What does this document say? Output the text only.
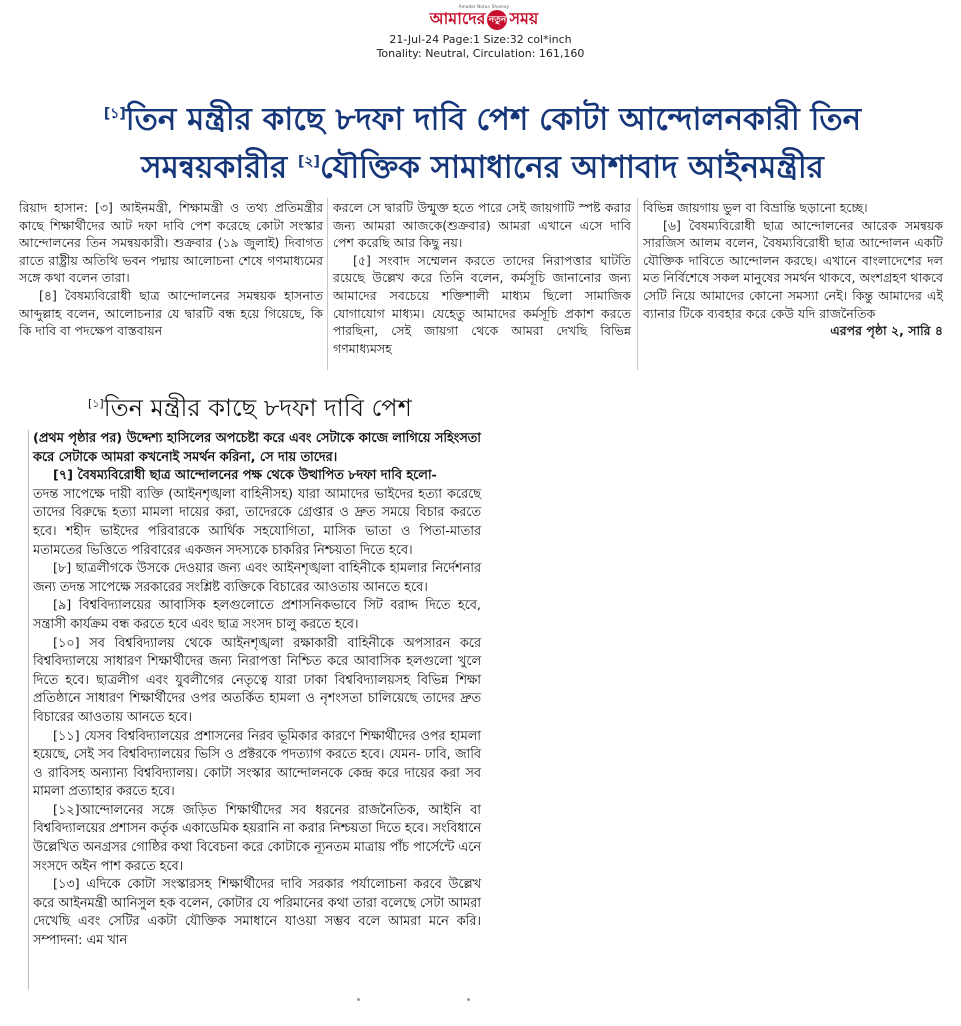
Amader Notun Shomoy
আমাদের নতুন সময়
21-Jul-24 Page:1 Size:32 col*inch
Tonality: Neutral, Circulation: 161,160
[১]তিন মন্ত্রীর কাছে ৮দফা দাবি পেশ কোটা আন্দোলনকারী তিন
সমন্বয়কারীর [২]যৌক্তিক সামাধানের আশাবাদ আইনমন্ত্রীর

রিয়াদ হাসান: [৩] আইনমন্ত্রী, শিক্ষামন্ত্রী ও তথ্য প্রতিমন্ত্রীর কাছে শিক্ষার্থীদের আট দফা দাবি পেশ করেছে কোটা সংস্কার আন্দোলনের তিন সমন্বয়কারী। শুক্রবার (১৯ জুলাই) দিবাগত রাতে রাষ্ট্রীয় অতিথি ভবন পদ্মায় আলোচনা শেষে গণমাধ্যমের সঙ্গে কথা বলেন তারা।

[৪] বৈষম্যবিরোধী ছাত্র আন্দোলনের সমন্বয়ক হাসনাত আব্দুল্লাহ বলেন, আলোচনার যে দ্বারটি বন্ধ হয়ে গিয়েছে, কি কি দাবি বা পদক্ষেপ বাস্তবায়ন

করলে সে দ্বারটি উন্মুক্ত হতে পারে সেই জায়গাটি স্পষ্ট করার জন্য আমরা আজকে(শুক্রবার) আমরা এখানে এসে দাবি পেশ করেছি আর কিছু নয়।

[৫] সংবাদ সম্মেলন করতে তাদের নিরাপত্তার ঘাটতি রয়েছে উল্লেখ করে তিনি বলেন, কর্মসূচি জানানোর জন্য আমাদের সবচেয়ে শক্তিশালী মাধ্যম ছিলো সামাজিক যোগাযোগ মাধ্যম। যেহেতু আমাদের কর্মসূচি প্রকাশ করতে পারছিনা, সেই জায়গা থেকে আমরা দেখছি বিভিন্ন গণমাধ্যমসহ

বিভিন্ন জায়গায় ভুল বা বিভ্রান্তি ছড়ানো হচ্ছে।

[৬] বৈষম্যবিরোধী ছাত্র আন্দোলনের আরেক সমন্বয়ক সারজিস আলম বলেন, বৈষম্যবিরোধী ছাত্র আন্দোলন একটি যৌক্তিক দাবিতে আন্দোলন করছে। এখানে বাংলাদেশের দল মত নির্বিশেষে সকল মানুষের সমর্থন থাকবে, অংশগ্রহণ থাকবে সেটি নিয়ে আমাদের কোনো সমস্যা নেই। কিন্তু আমাদের এই ব্যানার টিকে ব্যবহার করে কেউ যদি রাজনৈতিক

এরপর পৃষ্ঠা ২, সারি ৪

[১]তিন মন্ত্রীর কাছে ৮দফা দাবি পেশ

(প্রথম পৃষ্ঠার পর) উদ্দেশ্য হাসিলের অপচেষ্টা করে এবং সেটাকে কাজে লাগিয়ে সহিংসতা করে সেটাকে আমরা কখনোই সমর্থন করিনা, সে দায় তাদের।

[৭] বৈষম্যবিরোধী ছাত্র আন্দোলনের পক্ষ থেকে উত্থাপিত ৮দফা দাবি হলো-

তদন্ত সাপেক্ষে দায়ী ব্যক্তি (আইনশৃঙ্খলা বাহিনীসহ) যারা আমাদের ভাইদের হত্যা করেছে তাদের বিরুদ্ধে হত্যা মামলা দায়ের করা, তাদেরকে গ্রেপ্তার ও দ্রুত সময়ে বিচার করতে হবে। শহীদ ভাইদের পরিবারকে আর্থিক সহযোগিতা, মাসিক ভাতা ও পিতা-মাতার মতামতের ভিত্তিতে পরিবারের একজন সদস্যকে চাকরির নিশ্চয়তা দিতে হবে।

[৮] ছাত্রলীগকে উসকে দেওয়ার জন্য এবং আইনশৃঙ্খলা বাহিনীকে হামলার নির্দেশনার জন্য তদন্ত সাপেক্ষে সরকারের সংশ্লিষ্ট ব্যক্তিকে বিচারের আওতায় আনতে হবে।

[৯] বিশ্ববিদ্যালয়ের আবাসিক হলগুলোতে প্রশাসনিকভাবে সিট বরাদ্দ দিতে হবে, সন্ত্রাসী কার্যক্রম বন্ধ করতে হবে এবং ছাত্র সংসদ চালু করতে হবে।

[১০] সব বিশ্ববিদ্যালয় থেকে আইনশৃঙ্খলা রক্ষাকারী বাহিনীকে অপসারন করে বিশ্ববিদ্যালয়ে সাধারণ শিক্ষার্থীদের জন্য নিরাপত্তা নিশ্চিত করে আবাসিক হলগুলো খুলে দিতে হবে। ছাত্রলীগ এবং যুবলীগের নেতৃত্বে যারা ঢাকা বিশ্ববিদ্যালয়সহ বিভিন্ন শিক্ষা প্রতিষ্ঠানে সাধারণ শিক্ষার্থীদের ওপর অতর্কিত হামলা ও নৃশংসতা চালিয়েছে তাদের দ্রুত বিচারের আওতায় আনতে হবে।

[১১] যেসব বিশ্ববিদ্যালয়ের প্রশাসনের নিরব ভূমিকার কারণে শিক্ষার্থীদের ওপর হামলা হয়েছে, সেই সব বিশ্ববিদ্যালয়ের ভিসি ও প্রক্টরকে পদত্যাগ করতে হবে। যেমন- ঢাবি, জাবি ও রাবিসহ অন্যান্য বিশ্ববিদ্যালয়। কোটা সংস্কার আন্দোলনকে কেন্দ্র করে দায়ের করা সব মামলা প্রত্যাহার করতে হবে।

[১২]আন্দোলনের সঙ্গে জড়িত শিক্ষার্থীদের সব ধরনের রাজনৈতিক, আইনি বা বিশ্ববিদ্যালয়ের প্রশাসন কর্তৃক একাডেমিক হয়রানি না করার নিশ্চয়তা দিতে হবে। সংবিধানে উল্লেখিত অনগ্রসর গোষ্ঠির কথা বিবেচনা করে কোটাকে ন্যূনতম মাত্রায় পাঁচ পার্সেন্টে এনে সংসদে অইন পাশ করতে হবে।

[১৩] এদিকে কোটা সংস্কারসহ শিক্ষার্থীদের দাবি সরকার পর্যালোচনা করবে উল্লেখ করে আইনমন্ত্রী আনিসুল হক বলেন, কোটার যে পরিমানের কথা তারা বলেছে সেটা আমরা দেখেছি এবং সেটির একটা যৌক্তিক সমাধানে যাওয়া সম্ভব বলে আমরা মনে করি। সম্পাদনা: এম খান
